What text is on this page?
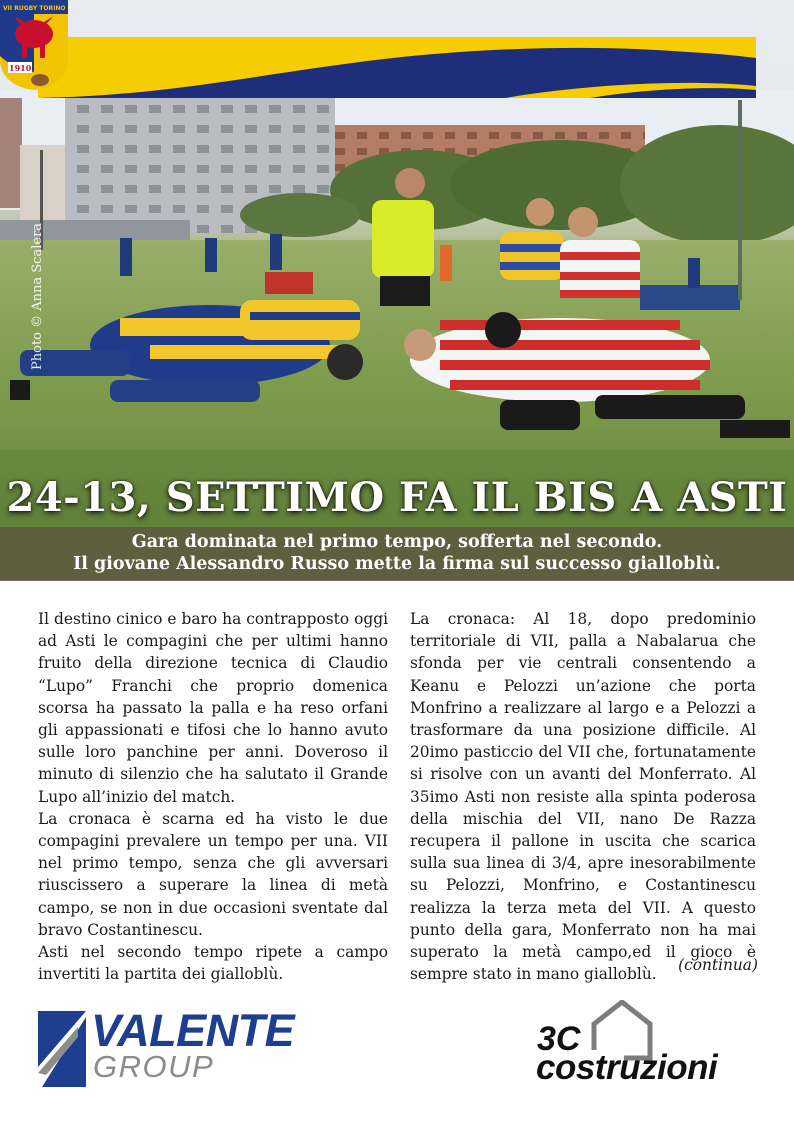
Primo VII
VII RUGBY TORINO
1910
Photo © Anna Scalera
24-13, SETTIMO FA IL BIS A ASTI
Gara dominata nel primo tempo, sofferta nel secondo.
Il giovane Alessandro Russo mette la firma sul successo gialloblù.

Il destino cinico e baro ha contrapposto oggi ad Asti le compagini che per ultimi hanno fruito della direzione tecnica di Claudio “Lupo” Franchi che proprio domenica scorsa ha passato la palla e ha reso orfani gli appassionati e tifosi che lo hanno avuto sulle loro panchine per anni. Doveroso il minuto di silenzio che ha salutato il Grande Lupo all’inizio del match.

La cronaca è scarna ed ha visto le due compagini prevalere un tempo per una. VII nel primo tempo, senza che gli avversari riuscissero a superare la linea di metà campo, se non in due occasioni sventate dal bravo Costantinescu.

Asti nel secondo tempo ripete a campo invertiti la partita dei gialloblù.

La cronaca: Al 18, dopo predominio territoriale di VII, palla a Nabalarua che sfonda per vie centrali consentendo a Keanu e Pelozzi un’azione che porta Monfrino a realizzare al largo e a Pelozzi a trasformare da una posizione difficile. Al 20imo pasticcio del VII che, fortunatamente si risolve con un avanti del Monferrato. Al 35imo Asti non resiste alla spinta poderosa della mischia del VII, nano De Razza recupera il pallone in uscita che scarica sulla sua linea di 3/4, apre inesorabilmente su Pelozzi, Monfrino, e Costantinescu realizza la terza meta del VII. A questo punto della gara, Monferrato non ha mai superato la metà campo,ed il gioco è sempre stato in mano gialloblù.

(continua)
VALENTE
GROUP
3C
costruzioni
